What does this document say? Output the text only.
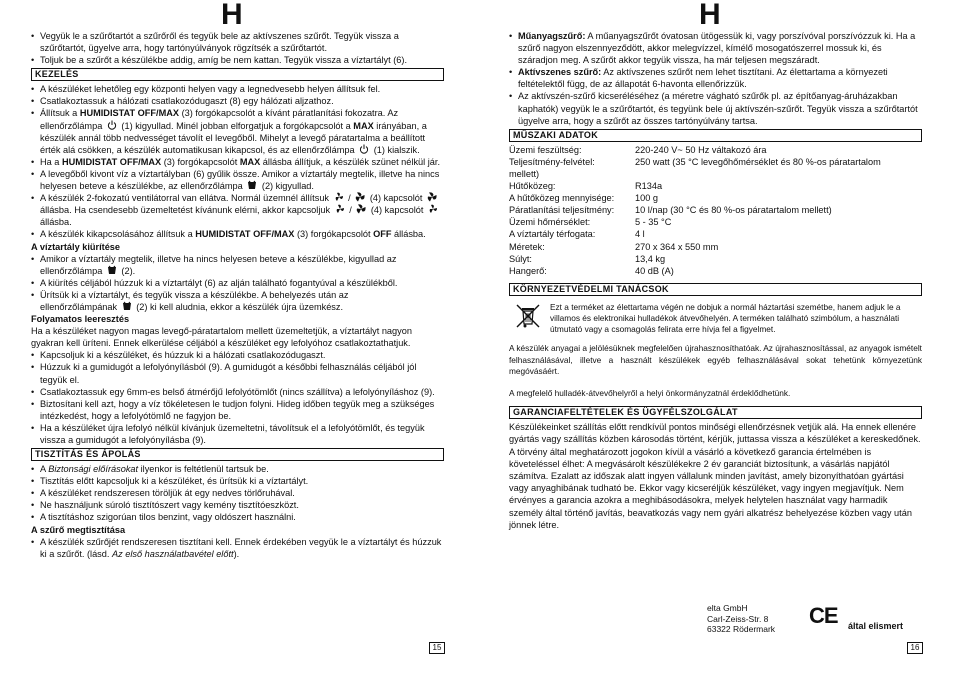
H
• Vegyük le a szűrőtartót a szűrőről és tegyük bele az aktívszenes szűrőt. Tegyük vissza a szűrőtartót, ügyelve arra, hogy tartónyúlványok rögzítsék a szűrőtartót.
• Toljuk be a szűrőt a készülékbe addig, amíg be nem kattan. Tegyük vissza a víztartályt (6).
KEZELÉS
• A készüléket lehetőleg egy központi helyen vagy a legnedvesebb helyen állítsuk fel.
• Csatlakoztassuk a hálózati csatlakozódugaszt (8) egy hálózati aljzathoz.
• Állítsuk a HUMIDISTAT OFF/MAX (3) forgókapcsolót a kívánt páratlanítási fokozatra. Az ellenőrzőlámpa
(1) kigyullad. Minél jobban elforgatjuk a forgókapcsolót a MAX irányában, a készülék annál több nedvességet távolít el levegőből. Mihelyt a levegő páratartalma a beállított érték alá csökken, a készülék automatikusan kikapcsol, és az ellenőrzőlámpa
(1) kialszik.
• Ha a HUMIDISTAT OFF/MAX (3) forgókapcsolót MAX állásba állítjuk, a készülék szünet nélkül jár.
• A levegőből kivont víz a víztartályban (6) gyűlik össze. Amikor a víztartály megtelik, illetve ha nincs helyesen beteve a készülékbe, az ellenőrzőlámpa
(2) kigyullad.
• A készülék 2-fokozatú ventilátorral van ellátva. Normál üzemnél állítsuk
/
(4) kapcsolót
állásba. Ha csendesebb üzemeltetést kívánunk elérni, akkor kapcsoljuk
/
(4) kapcsolót
állásba.
• A készülék kikapcsolásához állítsuk a HUMIDISTAT OFF/MAX (3) forgókapcsolót OFF állásba.
A víztartály kiürítése
• Amikor a víztartály megtelik, illetve ha nincs helyesen beteve a készülékbe, kigyullad az ellenőrzőlámpa
(2).
• A kiürítés céljából húzzuk ki a víztartályt (6) az alján található fogantyúval a készülékből.
• Ürítsük ki a víztartályt, és tegyük vissza a készülékbe. A behelyezés után az
ellenőrzőlámpának
(2) ki kell aludnia, ekkor a készülék újra üzemkész.
Folyamatos leeresztés
Ha a készüléket nagyon magas levegő-páratartalom mellett üzemeltetjük, a víztartályt nagyon gyakran kell üríteni. Ennek elkerülése céljából a készüléket egy lefolyóhoz csatlakoztathatjuk.
• Kapcsoljuk ki a készüléket, és húzzuk ki a hálózati csatlakozódugaszt.
• Húzzuk ki a gumidugót a lefolyónyílásból (9). A gumidugót a későbbi felhasználás céljából jól tegyük el.
• Csatlakoztassuk egy 6mm-es belső átmérőjű lefolyótömlőt (nincs szállítva) a lefolyónyíláshoz (9).
• Biztosítani kell azt, hogy a víz tökéletesen le tudjon folyni. Hideg időben tegyük meg a szükséges intézkedést, hogy a lefolyótömlő ne fagyjon be.
• Ha a készüléket újra lefolyó nélkül kívánjuk üzemeltetni, távolítsuk el a lefolyótömlőt, és tegyük vissza a gumidugót a lefolyónyílásba (9).
TISZTÍTÁS ÉS ÁPOLÁS
• A Biztonsági előírásokat ilyenkor is feltétlenül tartsuk be.
• Tisztítás előtt kapcsoljuk ki a készüléket, és ürítsük ki a víztartályt.
• A készüléket rendszeresen töröljük át egy nedves törlőruhával.
• Ne használjunk súroló tisztítószert vagy kemény tisztítóeszközt.
• A tisztításhoz szigorúan tilos benzint, vagy oldószert használni.
A szűrő megtisztítása
• A készülék szűrőjét rendszeresen tisztítani kell. Ennek érdekében vegyük le a víztartályt és húzzuk ki a szűrőt. (lásd. Az első használatbavétel előtt).
15
H
• Műanyagszűrő: A műanyagszűrőt óvatosan ütögessük ki, vagy porszívóval porszívózzuk ki. Ha a szűrő nagyon elszennyeződött, akkor melegvízzel, kímélő mosogatószerrel mossuk ki, és száradjon meg. A szűrőt akkor tegyük vissza, ha már teljesen megszáradt.
• Aktívszenes szűrő: Az aktívszenes szűrőt nem lehet tisztítani. Az élettartama a környezeti feltételektől függ, de az állapotát 6-havonta ellenőrizzük.
• Az aktívszén-szűrő kicseréléséhez (a méretre vágható szűrők pl. az építőanyag-áruházakban kaphatók) vegyük le a szűrőtartót, és tegyünk bele új aktívszén-szűrőt. Tegyük vissza a szűrőtartót ügyelve arra, hogy a szűrőt az összes tartónyúlvány tartsa.
MŰSZAKI ADATOK
Üzemi feszültség:	220-240 V~ 50 Hz váltakozó ára
Teljesítmény-felvétel:	250 watt (35 °C levegőhőmérséklet és 80 %-os páratartalom
mellett)	
Hűtőközeg:	R134a
A hűtőközeg mennyisége:	100 g
Páratlanítási teljesítmény:	10 l/nap (30 °C és 80 %-os páratartalom mellett)
Üzemi hőmérséklet:	5 - 35 °C
A víztartály térfogata:	4 l
Méretek:	270 x 364 x 550 mm
Súlyt:	13,4 kg
Hangerő:	40 dB (A)
KÖRNYEZETVÉDELMI TANÁCSOK
Ezt a terméket az élettartama végén ne dobjuk a normál háztartási szemétbe, hanem adjuk le a villamos és elektronikai hulladékok átvevőhelyén. A terméken található szimbólum, a használati útmutató vagy a csomagolás felirata erre hívja fel a figyelmet.
A készülék anyagai a jelölésüknek megfelelően újrahasznosíthatóak. Az újrahasznosítással, az anyagok ismételt felhasználásával, illetve a használt készülékek egyéb felhasználásával sokat tehetünk környezetünk megóvásáért.
A megfelelő hulladék-átvevőhelyről a helyi önkormányzatnál érdeklődhetünk.
GARANCIAFELTÉTELEK ÉS ÜGYFÉLSZOLGÁLAT
Készülékeinket szállítás előtt rendkívül pontos minőségi ellenőrzésnek vetjük alá. Ha ennek ellenére gyártás vagy szállítás közben károsodás történt, kérjük, juttassa vissza a készüléket a kereskedőnek. A törvény által meghatározott jogokon kívül a vásárló a következő garancia értelmében is követeléssel élhet: A megvásárolt készülékekre 2 év garanciát biztosítunk, a vásárlás napjától számítva. Ezalatt az időszak alatt ingyen vállalunk minden javítást, amely bizonyíthatóan gyártási vagy anyaghibának tudható be. Ekkor vagy kicseréljük készüléket, vagy ingyen megjavítjuk. Nem érvényes a garancia azokra a meghibásodásokra, melyek helytelen használat vagy harmadik személy által történő javítás, beavatkozás vagy nem gyári alkatrész behelyezése közben vagy után jönnek létre.
elta GmbH
Carl-Zeiss-Str. 8
63322 Rödermark
CE által elismert
16
